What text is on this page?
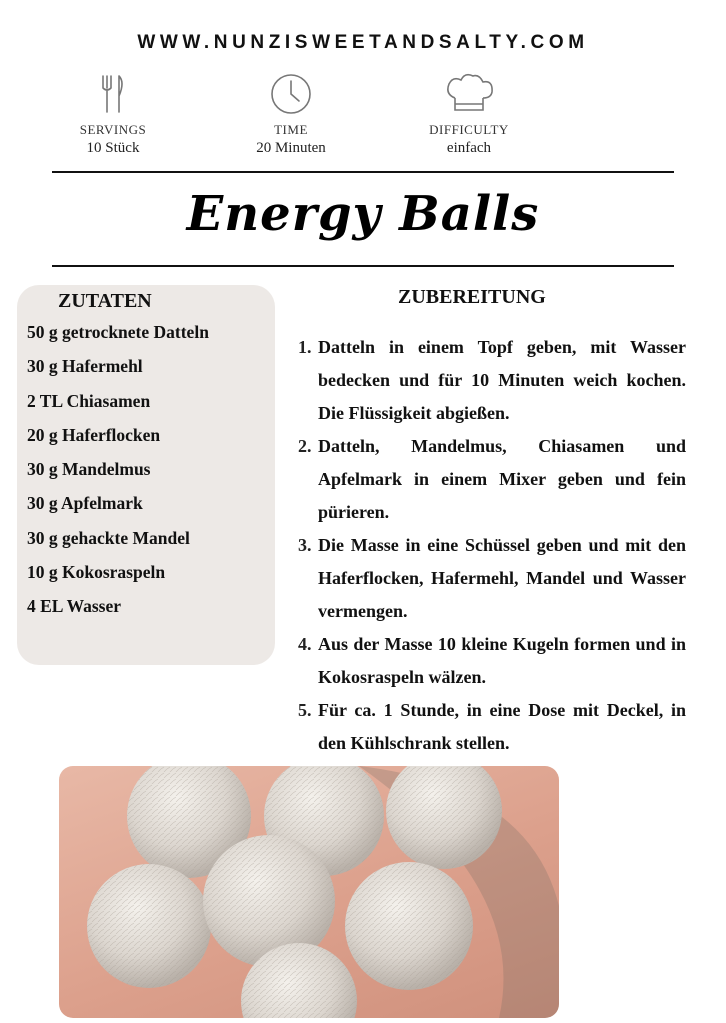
WWW.NUNZISWEETANDSALTY.COM
SERVINGS
10 Stück
TIME
20 Minuten
DIFFICULTY
einfach
Energy Balls
ZUTATEN
50 g getrocknete Datteln
30 g Hafermehl
2 TL Chiasamen
20 g Haferflocken
30 g Mandelmus
30 g Apfelmark
30 g gehackte Mandel
10 g Kokosraspeln
4 EL Wasser
ZUBEREITUNG
1. Datteln in einem Topf geben, mit Wasser bedecken und für 10 Minuten weich kochen. Die Flüssigkeit abgießen.
2. Datteln, Mandelmus, Chiasamen und Apfelmark in einem Mixer geben und fein pürieren.
3. Die Masse in eine Schüssel geben und mit den Haferflocken, Hafermehl, Mandel und Wasser vermengen.
4. Aus der Masse 10 kleine Kugeln formen und in Kokosraspeln wälzen.
5. Für ca. 1 Stunde, in eine Dose mit Deckel, in den Kühlschrank stellen.
